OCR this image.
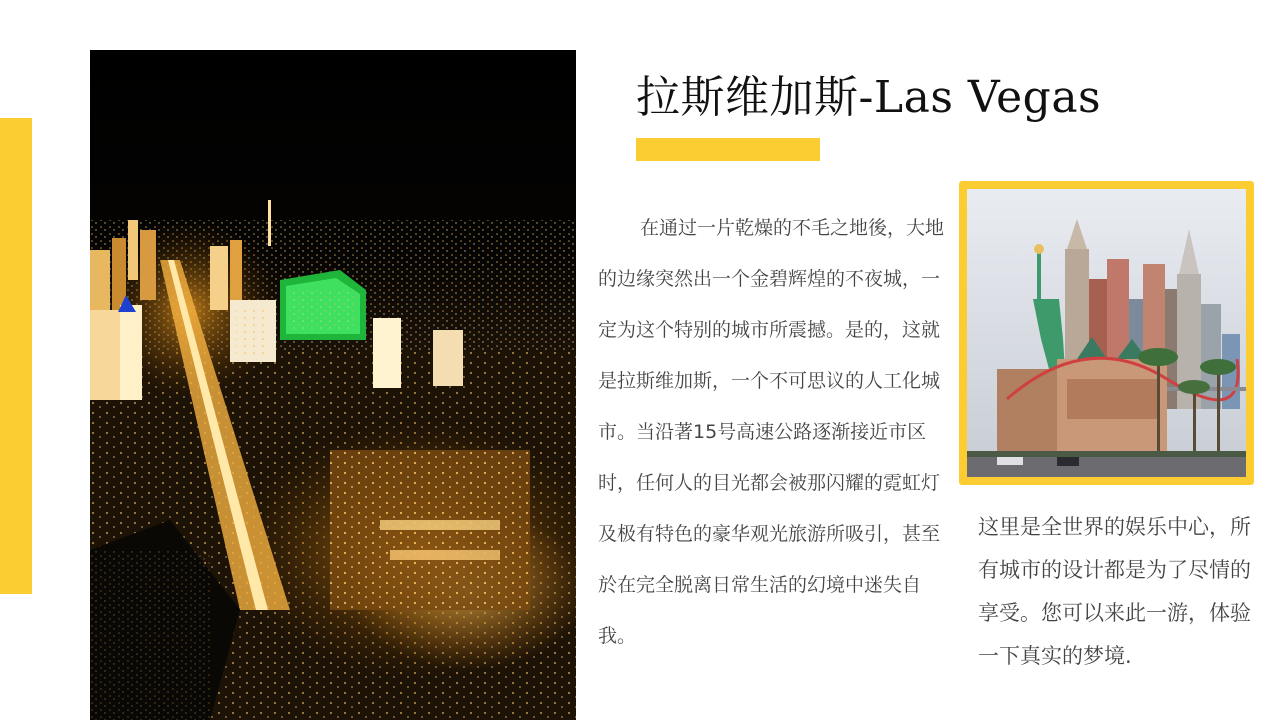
拉斯维加斯-Las Vegas

在通过一片乾燥的不毛之地後，大地的边缘突然出一个金碧辉煌的不夜城，一定为这个特别的城市所震撼。是的，这就是拉斯维加斯，一个不可思议的人工化城市。当沿著15号高速公路逐渐接近市区时，任何人的目光都会被那闪耀的霓虹灯及极有特色的豪华观光旅游所吸引，甚至於在完全脱离日常生活的幻境中迷失自我。

这里是全世界的娱乐中心，所有城市的设计都是为了尽情的享受。您可以来此一游，体验一下真实的梦境.
